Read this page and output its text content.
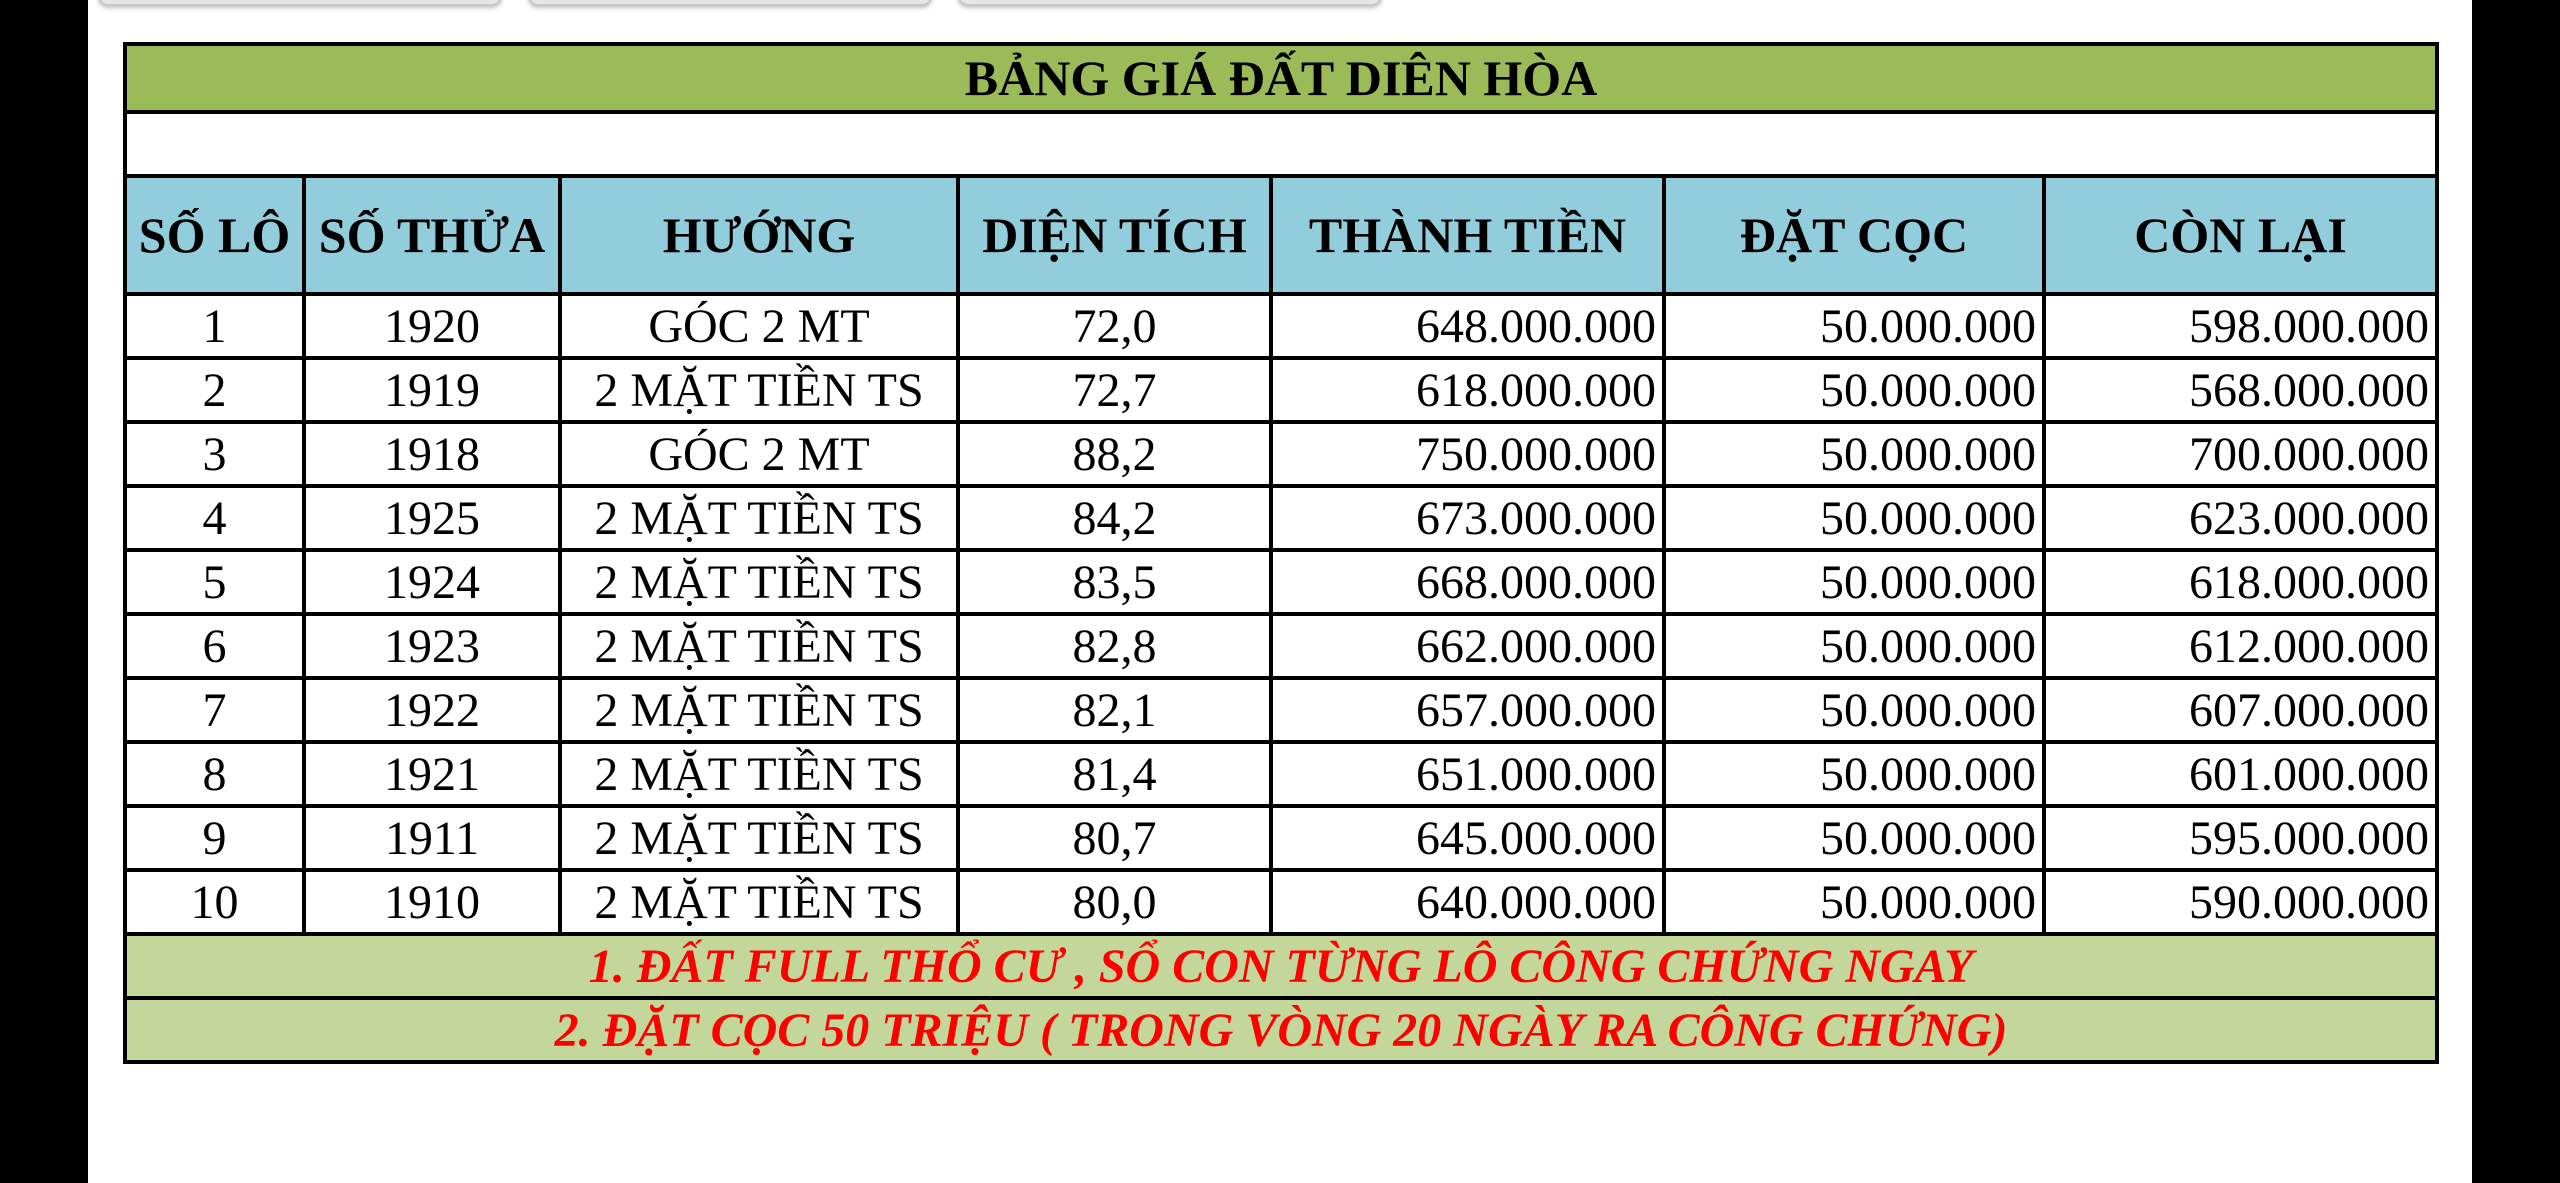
BẢNG GIÁ ĐẤT DIÊN HÒA						

SỐ LÔ	SỐ THỬA	HƯỚNG	DIỆN TÍCH	THÀNH TIỀN	ĐẶT CỌC	CÒN LẠI
1	1920	GÓC 2 MT	72,0	648.000.000	50.000.000	598.000.000
2	1919	2 MẶT TIỀN TS	72,7	618.000.000	50.000.000	568.000.000
3	1918	GÓC 2 MT	88,2	750.000.000	50.000.000	700.000.000
4	1925	2 MẶT TIỀN TS	84,2	673.000.000	50.000.000	623.000.000
5	1924	2 MẶT TIỀN TS	83,5	668.000.000	50.000.000	618.000.000
6	1923	2 MẶT TIỀN TS	82,8	662.000.000	50.000.000	612.000.000
7	1922	2 MẶT TIỀN TS	82,1	657.000.000	50.000.000	607.000.000
8	1921	2 MẶT TIỀN TS	81,4	651.000.000	50.000.000	601.000.000
9	1911	2 MẶT TIỀN TS	80,7	645.000.000	50.000.000	595.000.000
10	1910	2 MẶT TIỀN TS	80,0	640.000.000	50.000.000	590.000.000
1. ĐẤT FULL THỔ CƯ , SỔ CON TỪNG LÔ CÔNG CHỨNG NGAY						
2. ĐẶT CỌC 50 TRIỆU ( TRONG VÒNG 20 NGÀY RA CÔNG CHỨNG)						
